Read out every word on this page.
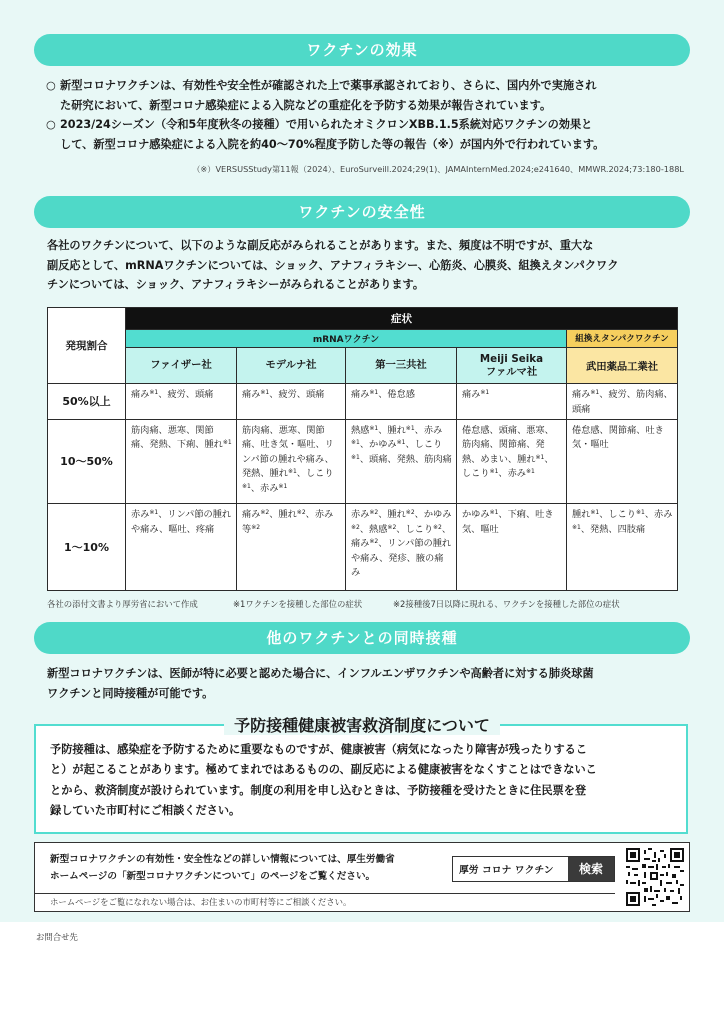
ワクチンの効果
○ 新型コロナワクチンは、有効性や安全性が確認された上で薬事承認されており、さらに、国内外で実施され
た研究において、新型コロナ感染症による入院などの重症化を予防する効果が報告されています。
○ 2023/24シーズン（令和5年度秋冬の接種）で用いられたオミクロンXBB.1.5系統対応ワクチンの効果と
して、新型コロナ感染症による入院を約40～70%程度予防した等の報告（※）が国内外で行われています。
（※）VERSUSStudy第11報（2024）、EuroSurveill.2024;29(1)、JAMAInternMed.2024;e241640、MMWR.2024;73:180-188L
ワクチンの安全性
各社のワクチンについて、以下のような副反応がみられることがあります。また、頻度は不明ですが、重大な
副反応として、mRNAワクチンについては、ショック、アナフィラキシー、心筋炎、心膜炎、組換えタンパクワク
チンについては、ショック、アナフィラキシーがみられることがあります。
発現割合	症状				
	mRNAワクチン				組換えタンパクワクチン
	ファイザー社	モデルナ社	第一三共社	Meiji Seika
ファルマ社	武田薬品工業社
50%以上	痛み$^{※1}$、疲労、頭痛	痛み$^{※1}$、疲労、頭痛	痛み$^{※1}$、倦怠感	痛み$^{※1}$	痛み$^{※1}$、疲労、筋肉痛、頭痛
10～50%	筋肉痛、悪寒、関節痛、発熱、下痢、腫れ$^{※1}$	筋肉痛、悪寒、関節痛、吐き気・嘔吐、リンパ節の腫れや痛み、発熱、腫れ$^{※1}$、しこり$^{※1}$、赤み$^{※1}$	熱感$^{※1}$、腫れ$^{※1}$、赤み$^{※1}$、かゆみ$^{※1}$、しこり$^{※1}$、頭痛、発熱、筋肉痛	倦怠感、頭痛、悪寒、筋肉痛、関節痛、発熱、めまい、腫れ$^{※1}$、しこり$^{※1}$、赤み$^{※1}$	倦怠感、関節痛、吐き気・嘔吐
1～10%	赤み$^{※1}$、リンパ節の腫れや痛み、嘔吐、疼痛	痛み$^{※2}$、腫れ$^{※2}$、赤み等$^{※2}$	赤み$^{※2}$、腫れ$^{※2}$、かゆみ$^{※2}$、熱感$^{※2}$、しこり$^{※2}$、痛み$^{※2}$、リンパ節の腫れや痛み、発疹、腋の痛み	かゆみ$^{※1}$、下痢、吐き気、嘔吐	腫れ$^{※1}$、しこり$^{※1}$、赤み$^{※1}$、発熱、四肢痛
各社の添付文書より厚労省において作成	※1ワクチンを接種した部位の症状	※2接種後7日以降に現れる、ワクチンを接種した部位の症状
他のワクチンとの同時接種
新型コロナワクチンは、医師が特に必要と認めた場合に、インフルエンザワクチンや高齢者に対する肺炎球菌
ワクチンと同時接種が可能です。
予防接種健康被害救済制度について
予防接種は、感染症を予防するために重要なものですが、健康被害（病気になったり障害が残ったりするこ
と）が起こることがあります。極めてまれではあるものの、副反応による健康被害をなくすことはできないこ
とから、救済制度が設けられています。制度の利用を申し込むときは、予防接種を受けたときに住民票を登
録していた市町村にご相談ください。
新型コロナワクチンの有効性・安全性などの詳しい情報については、厚生労働省
ホームページの「新型コロナワクチンについて」のページをご覧ください。
厚労 コロナ ワクチン	検索
ホームページをご覧になれない場合は、お住まいの市町村等にご相談ください。
お問合せ先
